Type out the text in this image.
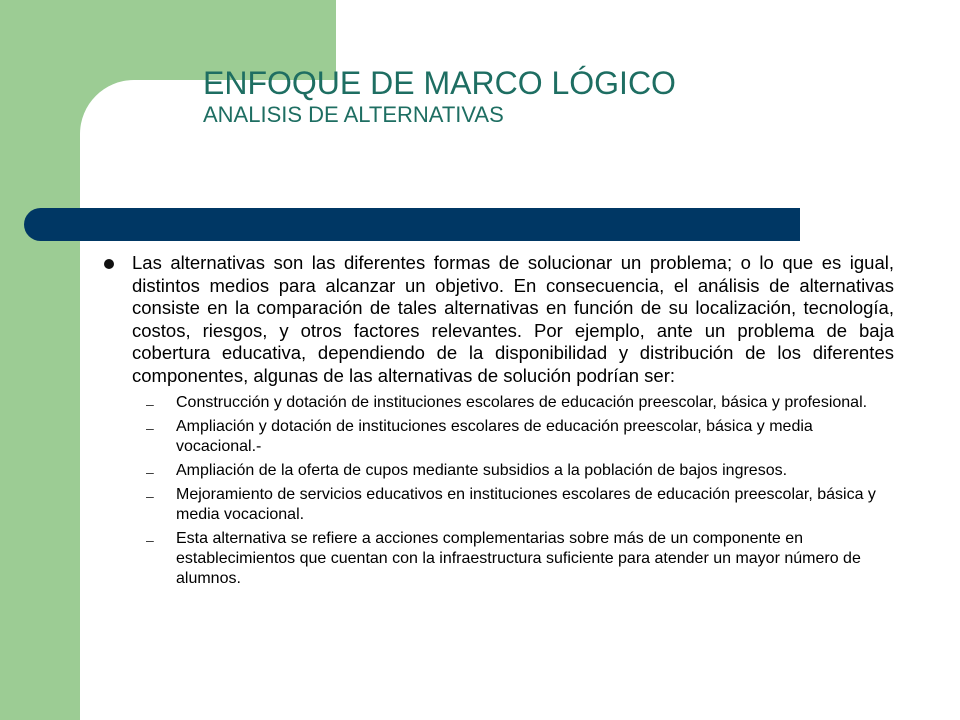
ENFOQUE DE MARCO LÓGICO
ANALISIS DE ALTERNATIVAS

Las alternativas son las diferentes formas de solucionar un problema; o lo que es igual, distintos medios para alcanzar un objetivo. En consecuencia, el análisis de alternativas consiste en la comparación de tales alternativas en función de su localización, tecnología, costos, riesgos, y otros factores relevantes. Por ejemplo, ante un problema de baja cobertura educativa, dependiendo de la disponibilidad y distribución de los diferentes componentes, algunas de las alternativas de solución podrían ser:

– Construcción y dotación de instituciones escolares de educación preescolar, básica y profesional.
– Ampliación y dotación de instituciones escolares de educación preescolar, básica y media vocacional.-
– Ampliación de la oferta de cupos mediante subsidios a la población de bajos ingresos.
– Mejoramiento de servicios educativos en instituciones escolares de educación preescolar, básica y media vocacional.
– Esta alternativa se refiere a acciones complementarias sobre más de un componente en establecimientos que cuentan con la infraestructura suficiente para atender un mayor número de alumnos.
